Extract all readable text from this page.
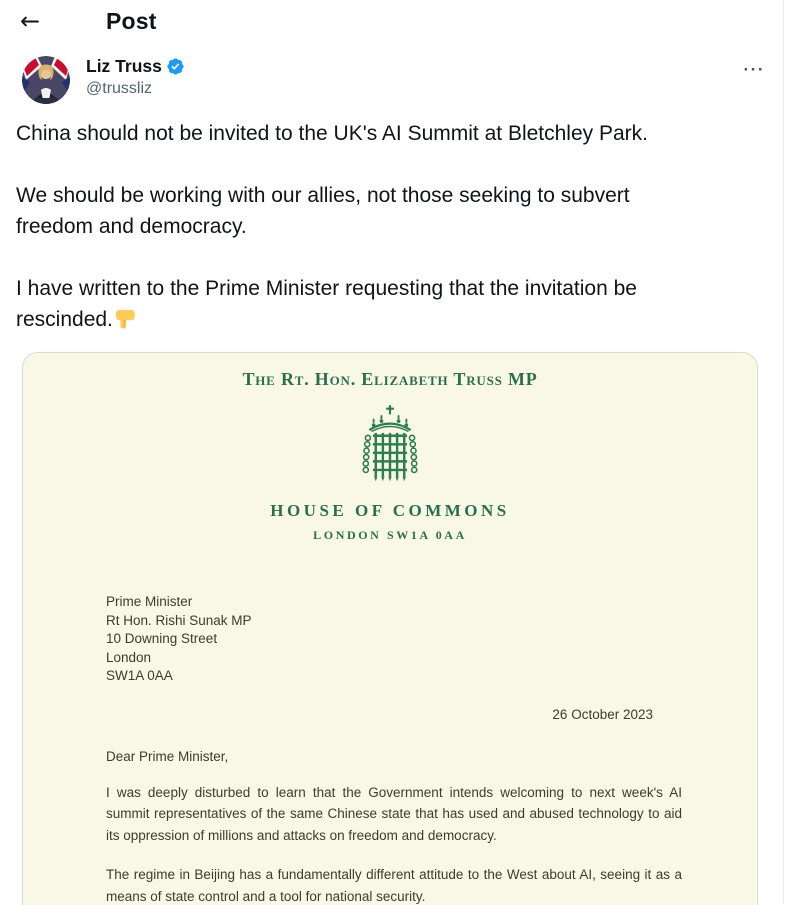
←	Post
Liz Truss
@trussliz
···

China should not be invited to the UK's AI Summit at Bletchley Park.

We should be working with our allies, not those seeking to subvert freedom and democracy.

I have written to the Prime Minister requesting that the invitation be rescinded.

The Rt. Hon. Elizabeth Truss MP
HOUSE OF COMMONS
LONDON SW1A 0AA
Prime Minister
Rt Hon. Rishi Sunak MP
10 Downing Street
London
SW1A 0AA
26 October 2023
Dear Prime Minister,

I was deeply disturbed to learn that the Government intends welcoming to next week's AI summit representatives of the same Chinese state that has used and abused technology to aid its oppression of millions and attacks on freedom and democracy.

The regime in Beijing has a fundamentally different attitude to the West about AI, seeing it as a means of state control and a tool for national security.
